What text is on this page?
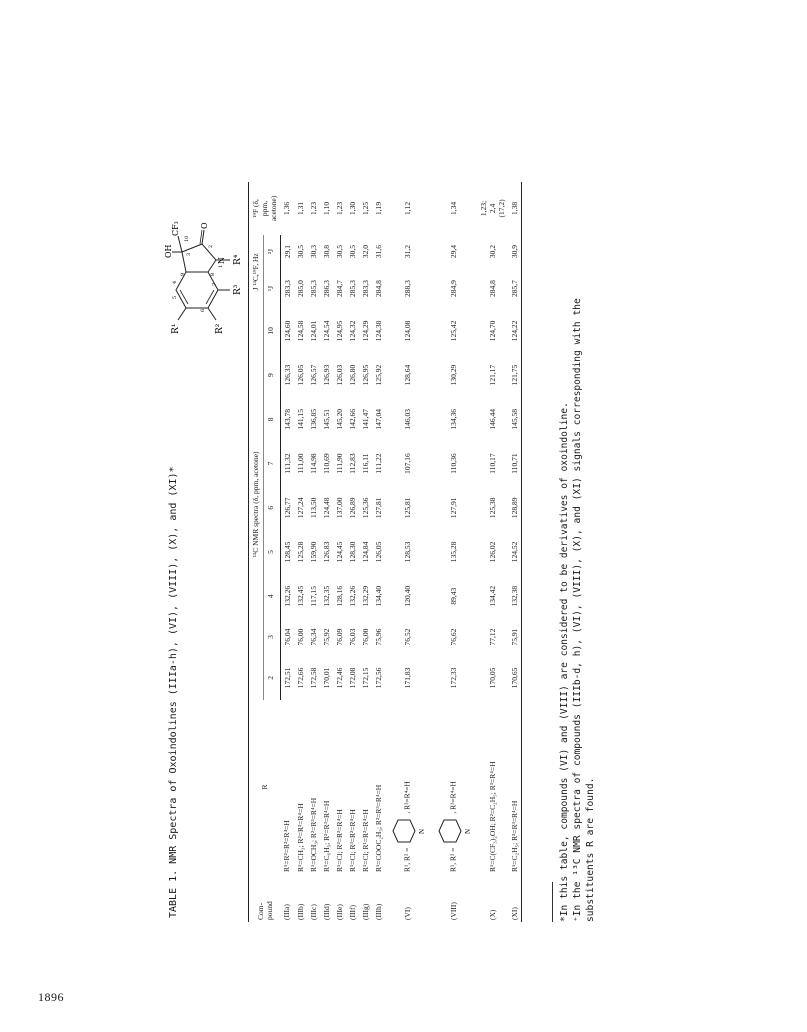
1896
TABLE 1. NMR Spectra of Oxoindolines (IIIa-h), (VI), (VIII), (X), and (XI)*
R¹	R²
R³
R⁴
OH
CF₃
N
O
5
4
6
7
8
9
3
2
1
10
Com-
pound	R	¹³C NMR spectra (δ, ppm, acetone)									J ¹³C,¹⁹F, Hz		¹⁹F (δ,
ppm,
acetone)
		2	3	4	5	6	7	8	9	10	¹J	²J	

(IIIa)	R¹=R²=R³=R⁴=H	172,51	76,04	132,26	128,45	126,77	111,32	143,78	126,33	124,60	283,3	29,1	1,36
(IIIb)	R¹=CH₃; R²=R³=R⁴=H	172,66	76,00	132,45	125,28	127,24	111,00	141,15	126,05	124,58	285,0	30,5	1,31
(IIIc)	R¹=OCH₃; R²=R³=R⁴=H	172,58	76,34	117,15	159,90	113,50	114,98	136,85	126,57	124,01	285,3	30,3	1,23
(IIId)	R¹=C₆H₅; R²=R³=R⁴=H	170,01	75,92	132,35	126,83	124,48	110,69	145,51	126,93	124,54	286,3	30,8	1,10
(IIIe)	R¹=Cl; R²=R³=R⁴=H	172,46	76,09	128,16	124,45	137,00	111,90	145,20	126,03	124,95	284,7	30,5	1,23
(IIIf)	R¹=Cl; R³=R²=R⁴=H	172,08	76,03	132,26	128,30	126,89	112,83	142,66	126,80	124,32	285,3	30,5	1,30
(IIIg)	R¹=Cl; R¹=R³=R⁴=H	172,15	76,00	132,29	124,84	125,36	116,11	141,47	126,95	124,29	283,3	32,0	1,25
(IIIh)	R¹=COOC₂H₅; R²=R³=R⁴=H	172,56	75,96	134,40	126,05	127,81	111,22	147,04	125,92	124,38	284,8	31,6	1,19
(VI)	R¹, R² =
N
, R³=R⁴=H	171,83	76,52	120,40	128,53	125,81	107,16	146,03	128,64	124,08	288,3	31,2	1,12
(VIII)	R¹, R² =
N
, R³=R⁴=H	172,33	76,62	89,43	135,28	127,91	110,36	134,36	130,29	125,42	284,9	29,4	1,34
(X)	R¹=C(CF₃)₂OH; R²=C₂H₅; R³=R⁴=H	170,05	77,12	134,42	126,02	125,38	110,17	146,44	121,17	124,70	284,8	30,2	1,23;
2,4
(17,2)
(XI)	R¹=C₂H₅; R²=R³=R⁴=H	170,65	75,91	132,38	124,52	128,89	110,71	145,58	121,75	124,22	285,7	30,9	1,38
*In this table, compounds (VI) and (VIII) are considered to be derivatives of oxoindoline. ⁺In the ¹³C NMR spectra of compounds (IIIb-d, h), (VI), (VIII), (X), and (XI) signals corresponding with the substituents R are found.
